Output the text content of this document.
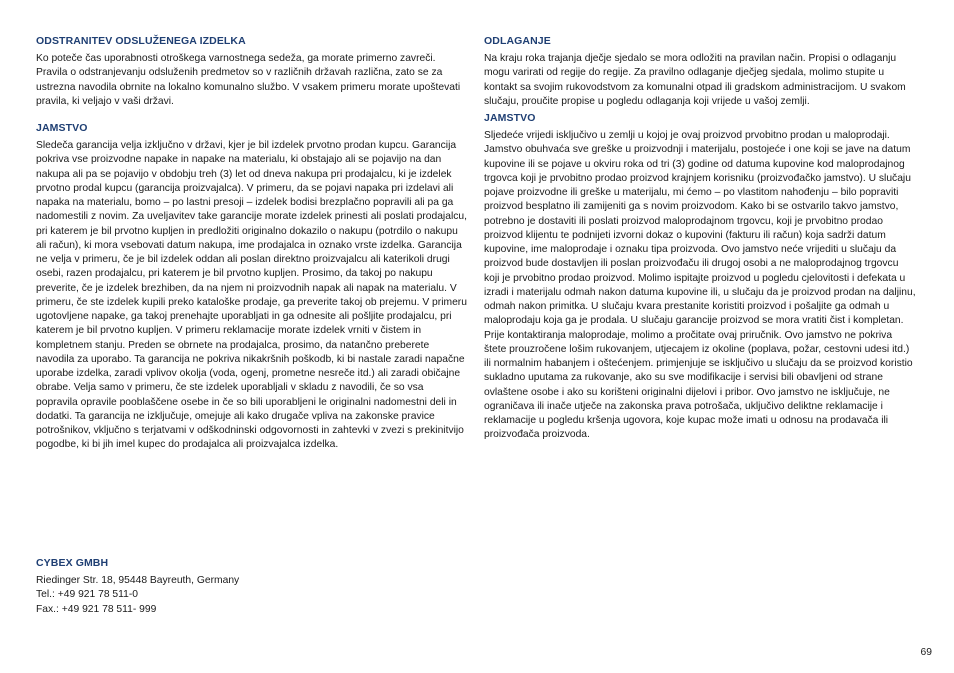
ODSTRANITEV ODSLUŽENEGA IZDELKA

Ko poteče čas uporabnosti otroškega varnostnega sedeža, ga morate primerno zavreči. Pravila o odstranjevanju odsluženih predmetov so v različnih državah različna, zato se za ustrezna navodila obrnite na lokalno komunalno službo. V vsakem primeru morate upoštevati pravila, ki veljajo v vaši državi.

JAMSTVO

Sledeča garancija velja izključno v državi, kjer je bil izdelek prvotno prodan kupcu. Garancija pokriva vse proizvodne napake in napake na materialu, ki obstajajo ali se pojavijo na dan nakupa ali pa se pojavijo v obdobju treh (3) let od dneva nakupa pri prodajalcu, ki je izdelek prvotno prodal kupcu (garancija proizvajalca). V primeru, da se pojavi napaka pri izdelavi ali napaka na materialu, bomo – po lastni presoji – izdelek bodisi brezplačno popravili ali pa ga nadomestili z novim. Za uveljavitev take garancije morate izdelek prinesti ali poslati prodajalcu, pri katerem je bil prvotno kupljen in predložiti originalno dokazilo o nakupu (potrdilo o nakupu ali račun), ki mora vsebovati datum nakupa, ime prodajalca in oznako vrste izdelka. Garancija ne velja v primeru, če je bil izdelek oddan ali poslan direktno proizvajalcu ali katerikoli drugi osebi, razen prodajalcu, pri katerem je bil prvotno kupljen. Prosimo, da takoj po nakupu preverite, če je izdelek brezhiben, da na njem ni proizvodnih napak ali napak na materialu. V primeru, če ste izdelek kupili preko kataloške prodaje, ga preverite takoj ob prejemu. V primeru ugotovljene napake, ga takoj prenehajte uporabljati in ga odnesite ali pošljite prodajalcu, pri katerem je bil prvotno kupljen. V primeru reklamacije morate izdelek vrniti v čistem in kompletnem stanju. Preden se obrnete na prodajalca, prosimo, da natančno preberete navodila za uporabo. Ta garancija ne pokriva nikakršnih poškodb, ki bi nastale zaradi napačne uporabe izdelka, zaradi vplivov okolja (voda, ogenj, prometne nesreče itd.) ali zaradi običajne obrabe. Velja samo v primeru, če ste izdelek uporabljali v skladu z navodili, če so vsa popravila opravile pooblaščene osebe in če so bili uporabljeni le originalni nadomestni deli in dodatki. Ta garancija ne izključuje, omejuje ali kako drugače vpliva na zakonske pravice potrošnikov, vključno s terjatvami v odškodninski odgovornosti in zahtevki v zvezi s prekinitvijo pogodbe, ki bi jih imel kupec do prodajalca ali proizvajalca izdelka.

ODLAGANJE

Na kraju roka trajanja dječje sjedalo se mora odložiti na pravilan način. Propisi o odlaganju mogu varirati od regije do regije. Za pravilno odlaganje dječjeg sjedala, molimo stupite u kontakt sa svojim rukovodstvom za komunalni otpad ili gradskom administracijom. U svakom slučaju, proučite propise u pogledu odlaganja koji vrijede u vašoj zemlji.

JAMSTVO

Sljedeće vrijedi isključivo u zemlji u kojoj je ovaj proizvod prvobitno prodan u maloprodaji. Jamstvo obuhvaća sve greške u proizvodnji i materijalu, postojeće i one koji se jave na datum kupovine ili se pojave u okviru roka od tri (3) godine od datuma kupovine kod maloprodajnog trgovca koji je prvobitno prodao proizvod krajnjem korisniku (proizvođačko jamstvo). U slučaju pojave proizvodne ili greške u materijalu, mi ćemo – po vlastitom nahođenju – bilo popraviti proizvod besplatno ili zamijeniti ga s novim proizvodom. Kako bi se ostvarilo takvo jamstvo, potrebno je dostaviti ili poslati proizvod maloprodajnom trgovcu, koji je prvobitno prodao proizvod klijentu te podnijeti izvorni dokaz o kupovini (fakturu ili račun) koja sadrži datum kupovine, ime maloprodaje i oznaku tipa proizvoda. Ovo jamstvo neće vrijediti u slučaju da proizvod bude dostavljen ili poslan proizvođaču ili drugoj osobi a ne maloprodajnog trgovcu koji je prvobitno prodao proizvod. Molimo ispitajte proizvod u pogledu cjelovitosti i defekata u izradi i materijalu odmah nakon datuma kupovine ili, u slučaju da je proizvod prodan na daljinu, odmah nakon primitka. U slučaju kvara prestanite koristiti proizvod i pošaljite ga odmah u maloprodaju koja ga je prodala. U slučaju garancije proizvod se mora vratiti čist i kompletan. Prije kontaktiranja maloprodaje, molimo a pročitate ovaj priručnik. Ovo jamstvo ne pokriva štete prouzročene lošim rukovanjem, utjecajem iz okoline (poplava, požar, cestovni udesi itd.) ili normalnim habanjem i oštećenjem. primjenjuje se isključivo u slučaju da se proizvod koristio sukladno uputama za rukovanje, ako su sve modifikacije i servisi bili obavljeni od strane ovlaštene osobe i ako su korišteni originalni dijelovi i pribor. Ovo jamstvo ne isključuje, ne ograničava ili inače utječe na zakonska prava potrošača, uključivo deliktne reklamacije i reklamacije u pogledu kršenja ugovora, koje kupac može imati u odnosu na prodavača ili proizvođača proizvoda.

CYBEX GMBH
Riedinger Str. 18, 95448 Bayreuth, Germany
Tel.: +49 921 78 511-0
Fax.: +49 921 78 511- 999
69
